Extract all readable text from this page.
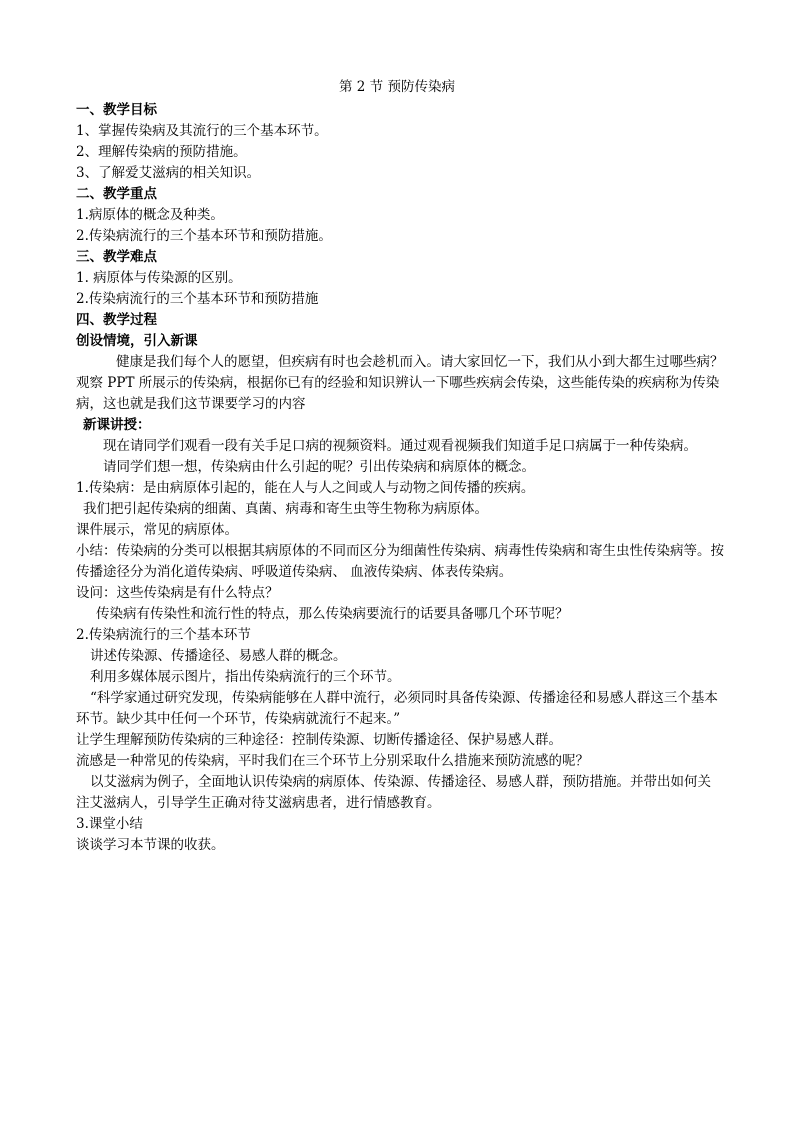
第 2 节 预防传染病

一、教学目标

1、掌握传染病及其流行的三个基本环节。

2、理解传染病的预防措施。

3、了解爱艾滋病的相关知识。

二、教学重点

1.病原体的概念及种类。

2.传染病流行的三个基本环节和预防措施。

三、教学难点

1. 病原体与传染源的区别。

2.传染病流行的三个基本环节和预防措施

四、教学过程

创设情境，引入新课

健康是我们每个人的愿望，但疾病有时也会趁机而入。请大家回忆一下，我们从小到大都生过哪些病？观察 PPT 所展示的传染病，根据你已有的经验和知识辨认一下哪些疾病会传染，这些能传染的疾病称为传染病，这也就是我们这节课要学习的内容

新课讲授：

现在请同学们观看一段有关手足口病的视频资料。通过观看视频我们知道手足口病属于一种传染病。

请同学们想一想，传染病由什么引起的呢？引出传染病和病原体的概念。

1.传染病：是由病原体引起的，能在人与人之间或人与动物之间传播的疾病。

我们把引起传染病的细菌、真菌、病毒和寄生虫等生物称为病原体。

课件展示，常见的病原体。

小结：传染病的分类可以根据其病原体的不同而区分为细菌性传染病、病毒性传染病和寄生虫性传染病等。按传播途径分为消化道传染病、呼吸道传染病、 血液传染病、体表传染病。

设问：这些传染病是有什么特点？

传染病有传染性和流行性的特点，那么传染病要流行的话要具备哪几个环节呢？

2.传染病流行的三个基本环节

讲述传染源、传播途径、易感人群的概念。

利用多媒体展示图片，指出传染病流行的三个环节。

“科学家通过研究发现，传染病能够在人群中流行，必须同时具备传染源、传播途径和易感人群这三个基本环节。缺少其中任何一个环节，传染病就流行不起来。”

让学生理解预防传染病的三种途径：控制传染源、切断传播途径、保护易感人群。

流感是一种常见的传染病，平时我们在三个环节上分别采取什么措施来预防流感的呢？

以艾滋病为例子，全面地认识传染病的病原体、传染源、传播途径、易感人群，预防措施。并带出如何关注艾滋病人，引导学生正确对待艾滋病患者，进行情感教育。

3.课堂小结

谈谈学习本节课的收获。
